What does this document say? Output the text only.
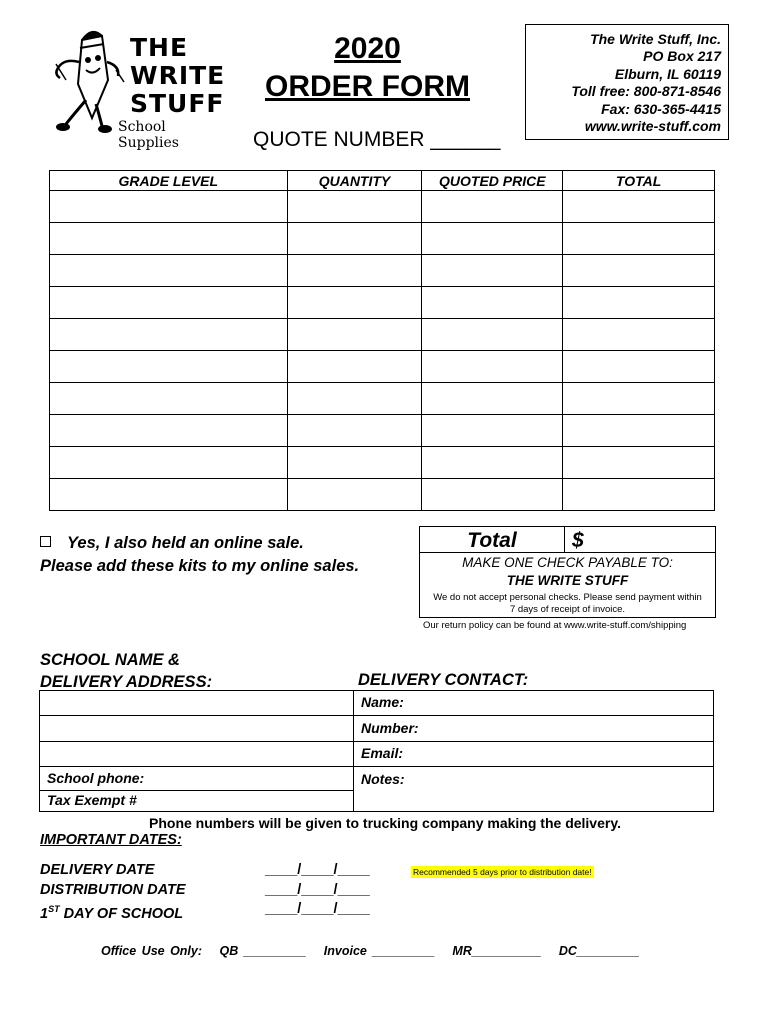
THE
WRITE
STUFF
School Supplies
2020
ORDER FORM
QUOTE NUMBER ______
The Write Stuff, Inc.
PO Box 217
Elburn, IL 60119
Toll free: 800-871-8546
Fax: 630-365-4415
www.write-stuff.com
GRADE LEVEL	QUANTITY	QUOTED PRICE	TOTAL

Yes, I also held an online sale.
Please add these kits to my online sales.
Total	$
MAKE ONE CHECK PAYABLE TO:
THE WRITE STUFF
We do not accept personal checks. Please send payment within 7 days of receipt of invoice.
Our return policy can be found at www.write-stuff.com/shipping
SCHOOL NAME &
DELIVERY ADDRESS:	DELIVERY CONTACT:
School phone:
Tax Exempt #
Name:
Number:
Email:
Notes:
Phone numbers will be given to trucking company making the delivery.
IMPORTANT DATES:
DELIVERY DATE
DISTRIBUTION DATE
1ST DAY OF SCHOOL
____/____/____
____/____/____
____/____/____
Recommended 5 days prior to distribution date!
Office Use Only: QB _________ Invoice _________ MR__________ DC_________
